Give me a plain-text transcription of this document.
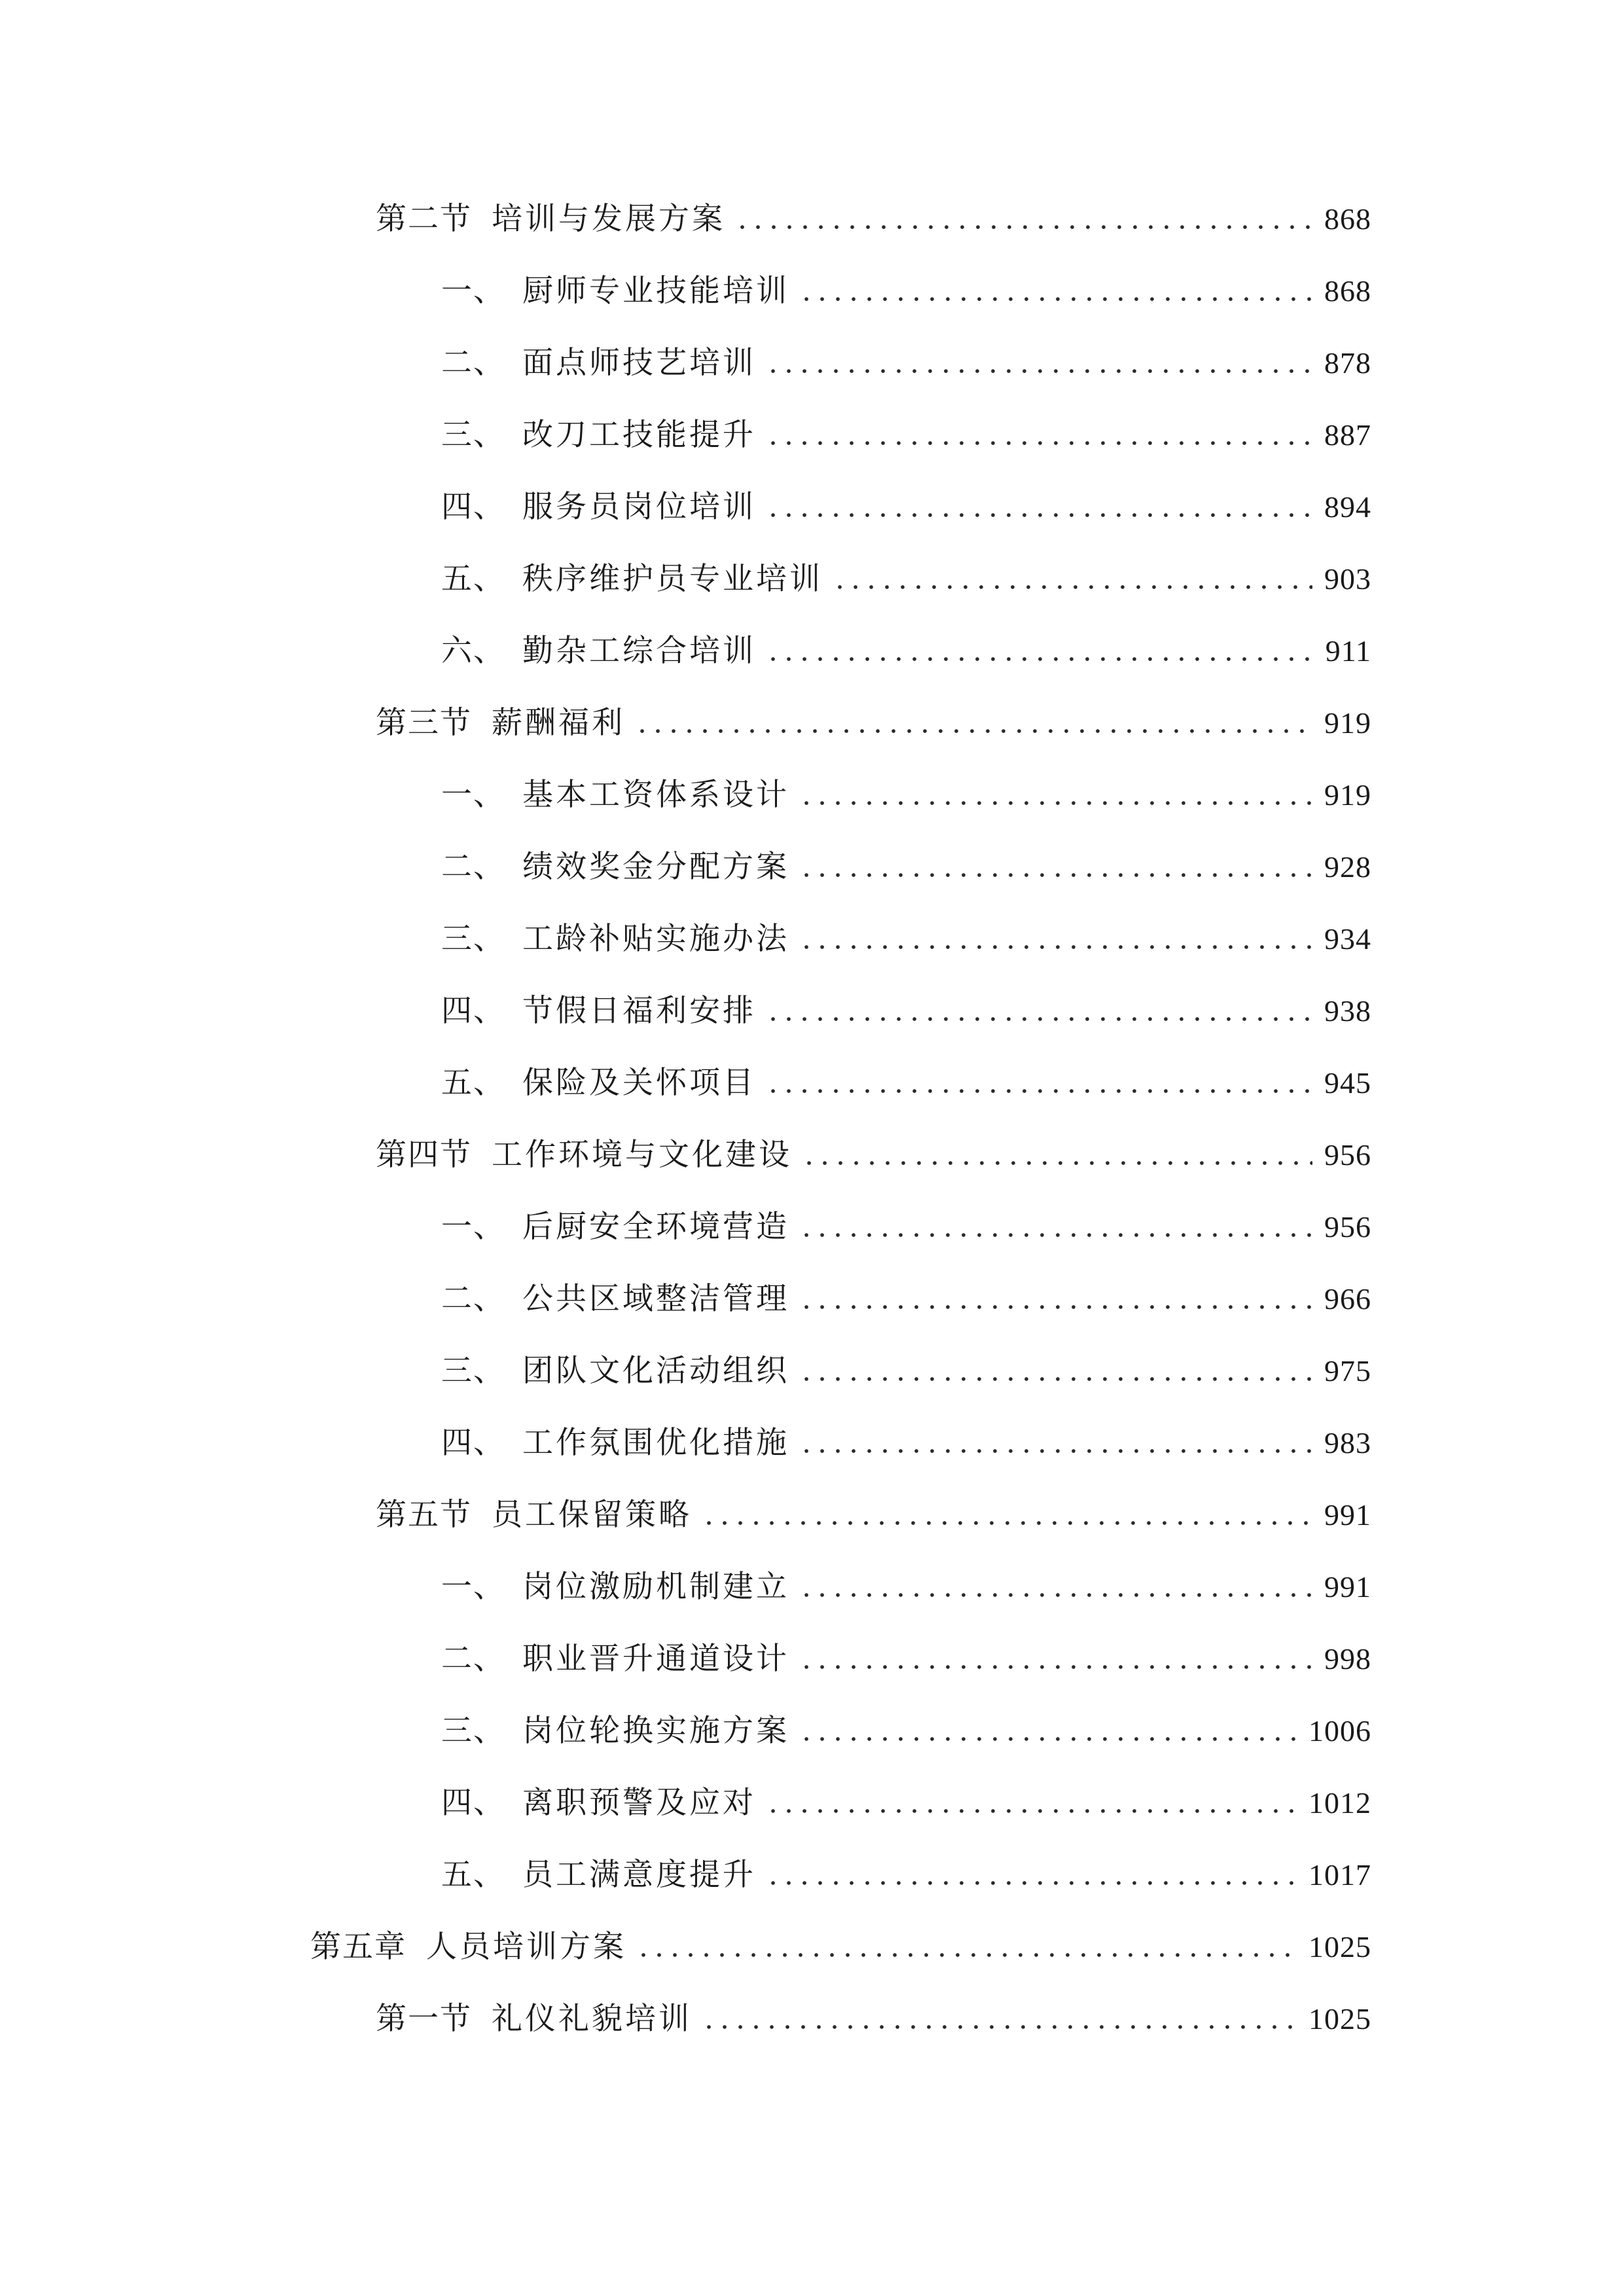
第二节 培训与发展方案	868
一、 厨师专业技能培训	868
二、 面点师技艺培训	878
三、 改刀工技能提升	887
四、 服务员岗位培训	894
五、 秩序维护员专业培训	903
六、 勤杂工综合培训	911
第三节 薪酬福利	919
一、 基本工资体系设计	919
二、 绩效奖金分配方案	928
三、 工龄补贴实施办法	934
四、 节假日福利安排	938
五、 保险及关怀项目	945
第四节 工作环境与文化建设	956
一、 后厨安全环境营造	956
二、 公共区域整洁管理	966
三、 团队文化活动组织	975
四、 工作氛围优化措施	983
第五节 员工保留策略	991
一、 岗位激励机制建立	991
二、 职业晋升通道设计	998
三、 岗位轮换实施方案	1006
四、 离职预警及应对	1012
五、 员工满意度提升	1017
第五章 人员培训方案	1025
第一节 礼仪礼貌培训	1025
